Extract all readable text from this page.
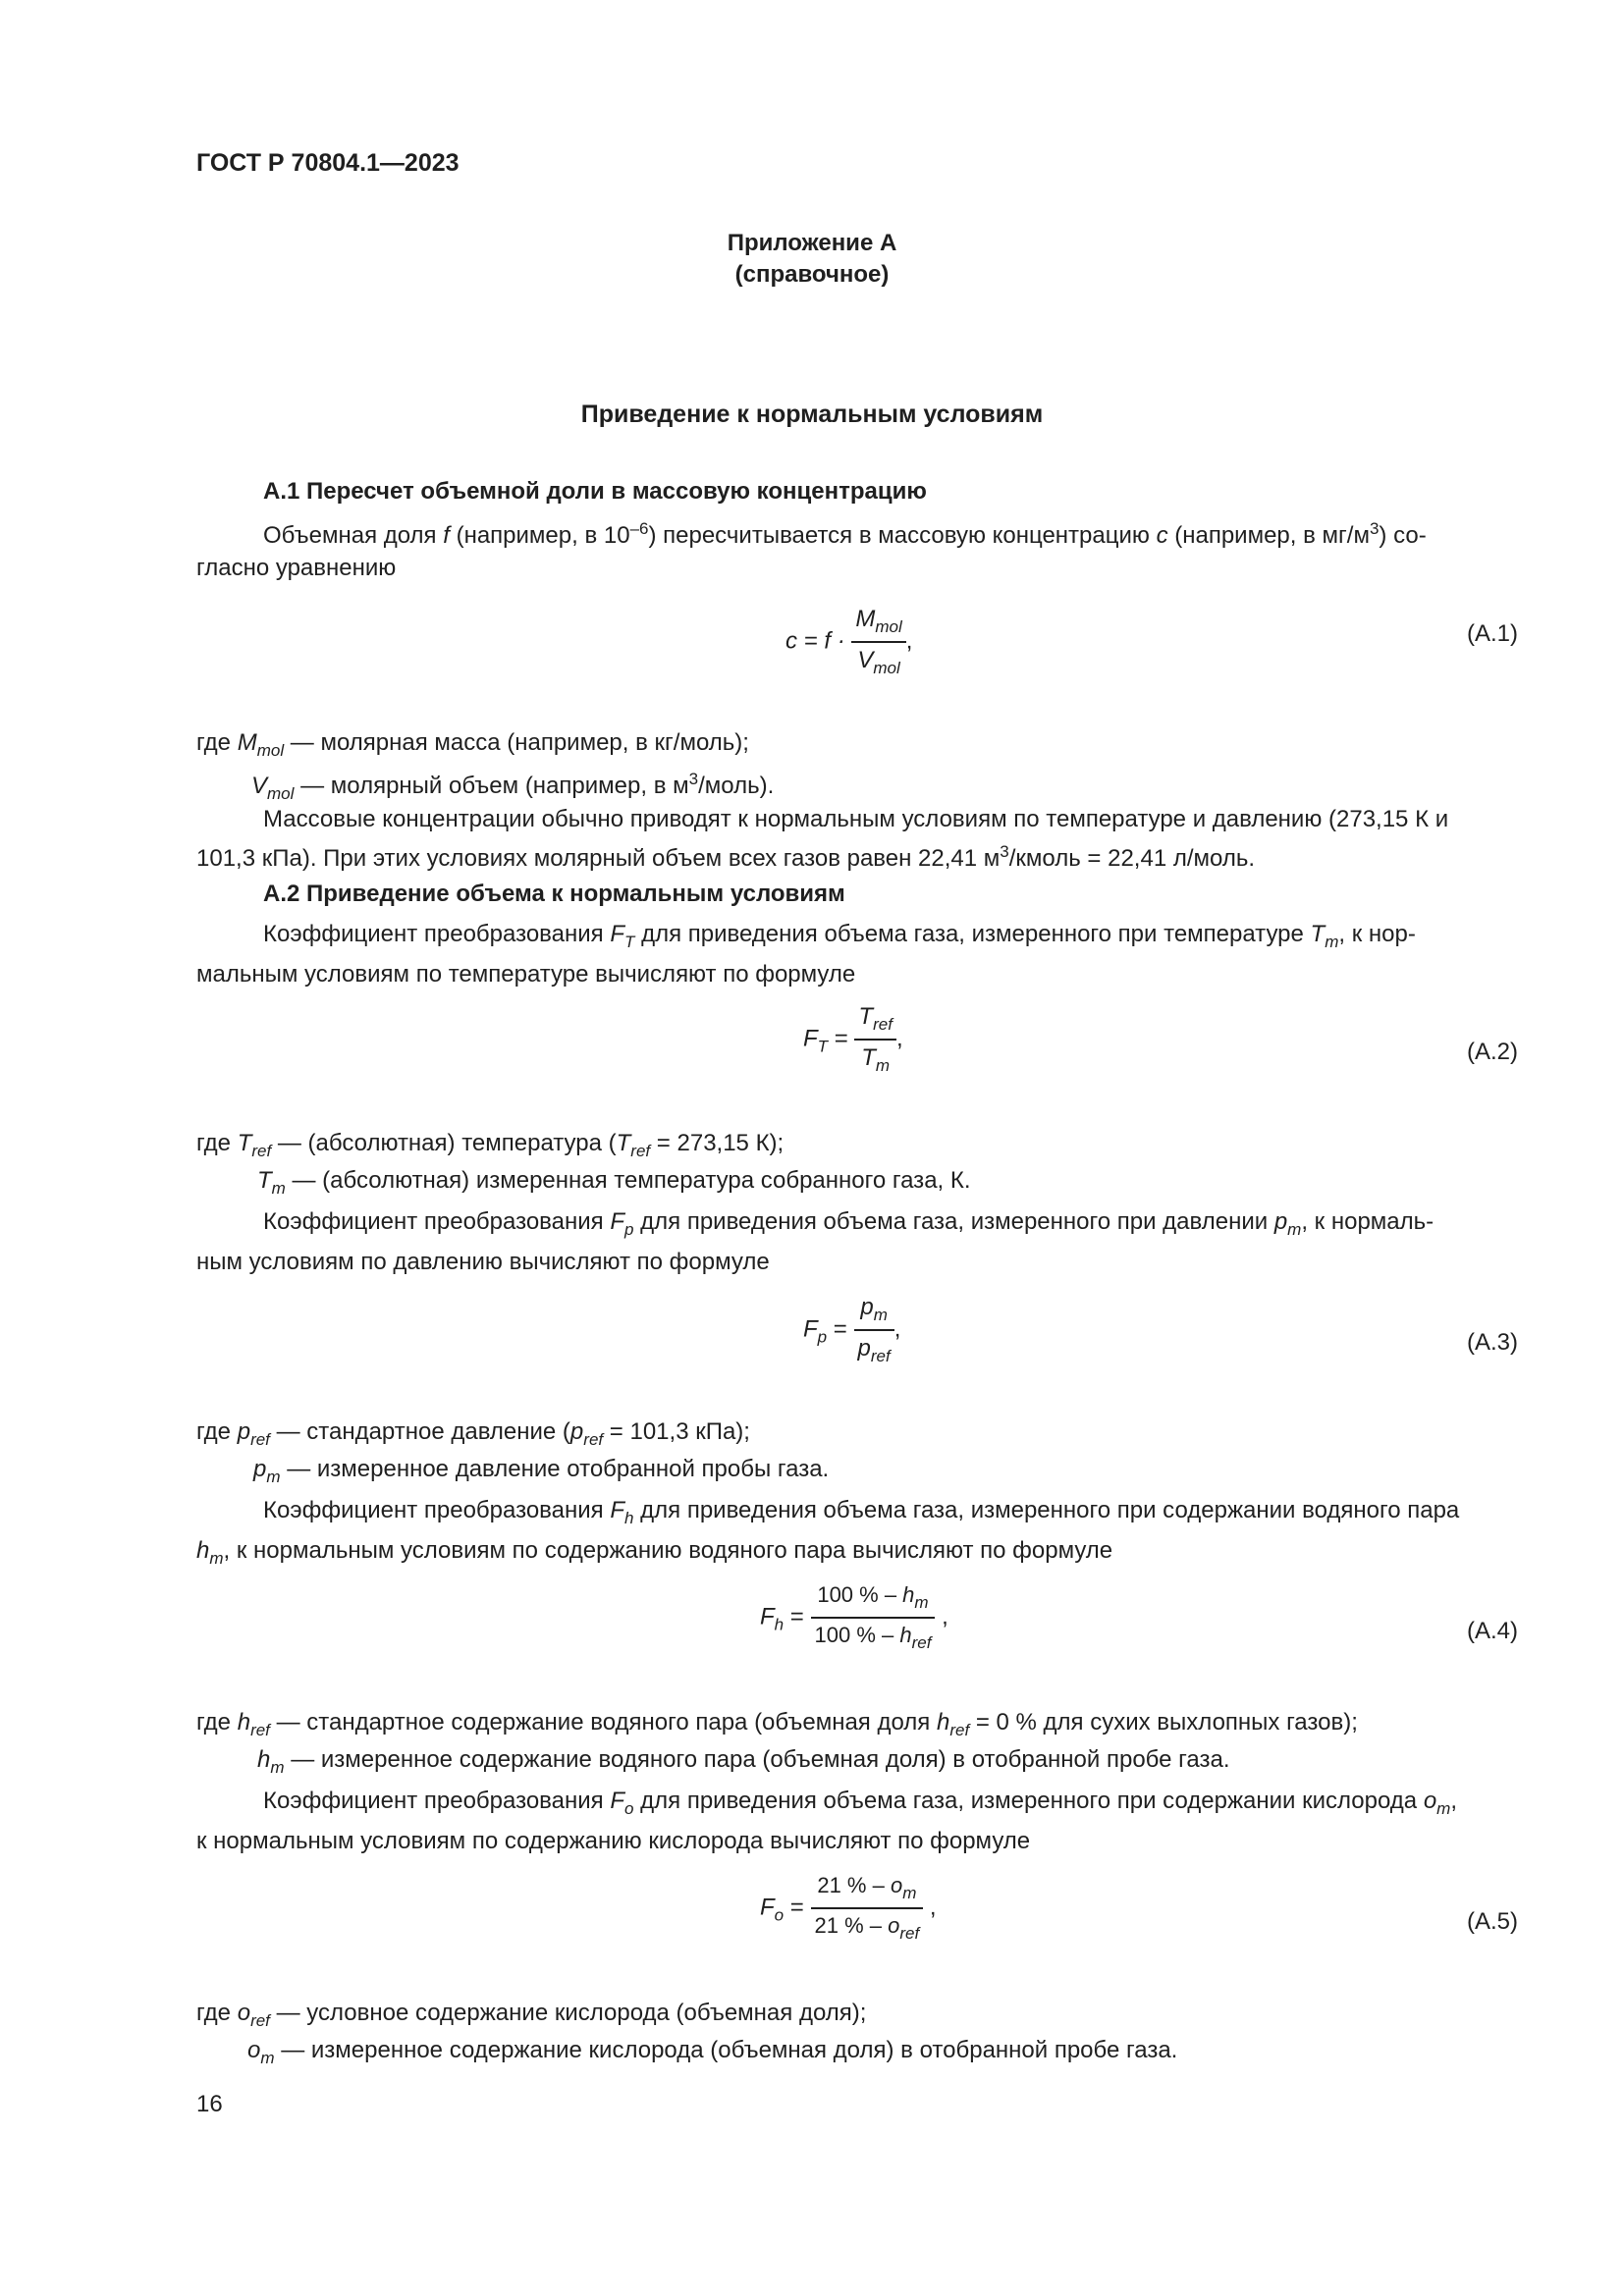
ГОСТ Р 70804.1—2023
Приложение А
(справочное)
Приведение к нормальным условиям
А.1 Пересчет объемной доли в массовую концентрацию
Объемная доля f (например, в $10^{-6}$) пересчитывается в массовую концентрацию c (например, в $мг/м^3$) со-
гласно уравнению
$c = f \cdot \frac{M_{mol}}{V_{mol}}$ ,	(А.1)
где $M_{mol}$ — молярная масса (например, в кг/моль);
$V_{mol}$ — молярный объем (например, в $м^3/моль$).
Массовые концентрации обычно приводят к нормальным условиям по температуре и давлению (273,15 К и
101,3 кПа). При этих условиях молярный объем всех газов равен 22,41 $м^3$/кмоль = 22,41 л/моль.
А.2 Приведение объема к нормальным условиям
Коэффициент преобразования $F_T$ для приведения объема газа, измеренного при температуре $T_m$, к нор-
мальным условиям по температуре вычисляют по формуле
$F_T = \frac{T_{ref}}{T_m}$ ,
(А.2)
где $T_{ref}$ — (абсолютная) температура ($T_{ref} = 273,15$ К);
$T_m$ — (абсолютная) измеренная температура собранного газа, К.
Коэффициент преобразования $F_p$ для приведения объема газа, измеренного при давлении $p_m$, к нормаль-
ным условиям по давлению вычисляют по формуле
$F_p = \frac{p_m}{p_{ref}}$ ,
(А.3)
где $p_{ref}$ — стандартное давление ($p_{ref} = 101,3$ кПа);
$p_m$ — измеренное давление отобранной пробы газа.
Коэффициент преобразования $F_h$ для приведения объема газа, измеренного при содержании водяного пара
$h_m$, к нормальным условиям по содержанию водяного пара вычисляют по формуле
$F_h = \frac{100 \% - h_m}{100 \% - h_{ref}}$ ,
(А.4)
где $h_{ref}$ — стандартное содержание водяного пара (объемная доля $h_{ref} = 0$ % для сухих выхлопных газов);
$h_m$ — измеренное содержание водяного пара (объемная доля) в отобранной пробе газа.
Коэффициент преобразования $F_o$ для приведения объема газа, измеренного при содержании кислорода $o_m$,
к нормальным условиям по содержанию кислорода вычисляют по формуле
$F_o = \frac{21 \% - o_m}{21 \% - o_{ref}}$ ,
(А.5)
где $o_{ref}$ — условное содержание кислорода (объемная доля);
$o_m$ — измеренное содержание кислорода (объемная доля) в отобранной пробе газа.
16
